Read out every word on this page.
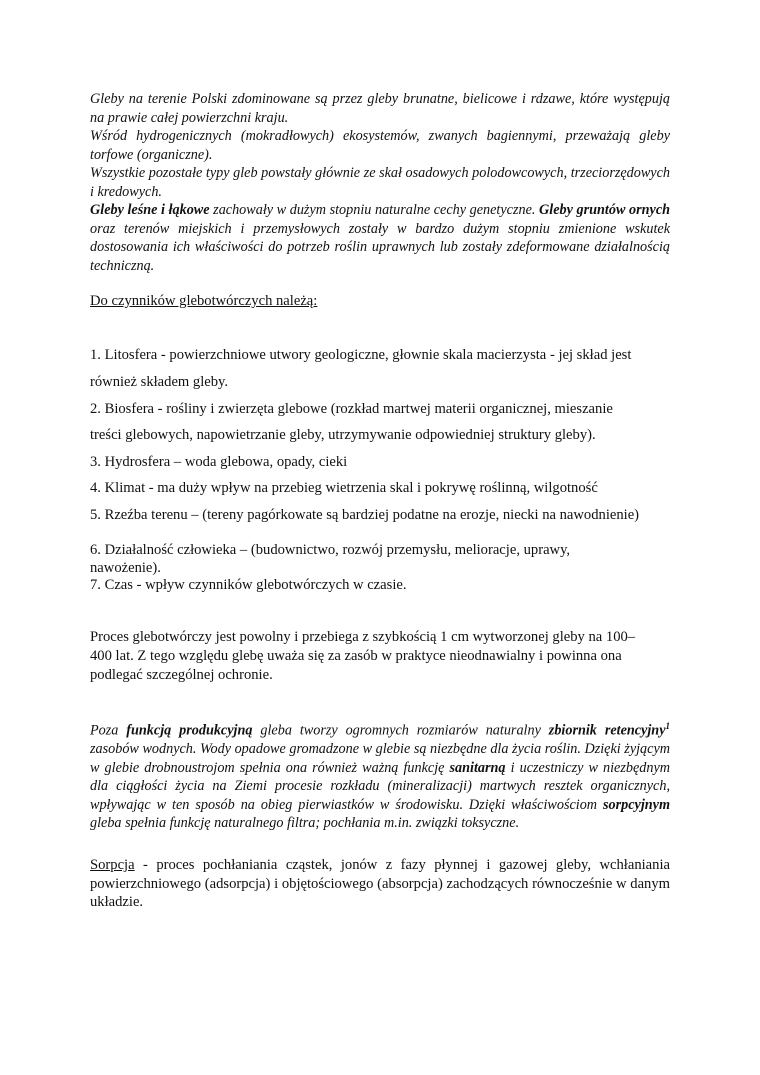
Gleby na terenie Polski zdominowane są przez gleby brunatne, bielicowe i rdzawe, które występują na prawie całej powierzchni kraju.

Wśród hydrogenicznych (mokradłowych) ekosystemów, zwanych bagiennymi, przeważają gleby torfowe (organiczne).

Wszystkie pozostałe typy gleb powstały głównie ze skał osadowych polodowcowych, trzeciorzędowych i kredowych.

Gleby leśne i łąkowe zachowały w dużym stopniu naturalne cechy genetyczne. Gleby gruntów ornych oraz terenów miejskich i przemysłowych zostały w bardzo dużym stopniu zmienione wskutek dostosowania ich właściwości do potrzeb roślin uprawnych lub zostały zdeformowane działalnością techniczną.

Do czynników glebotwórczych należą:
1. Litosfera - powierzchniowe utwory geologiczne, głownie skala macierzysta - jej skład jest
również składem gleby.
2. Biosfera - rośliny i zwierzęta glebowe (rozkład martwej materii organicznej, mieszanie
treści glebowych, napowietrzanie gleby, utrzymywanie odpowiedniej struktury gleby).
3. Hydrosfera – woda glebowa, opady, cieki
4. Klimat - ma duży wpływ na przebieg wietrzenia skal i pokrywę roślinną, wilgotność
5. Rzeźba terenu – (tereny pagórkowate są bardziej podatne na erozje, niecki na nawodnienie)
6. Działalność człowieka – (budownictwo, rozwój przemysłu, melioracje, uprawy,
nawożenie).
7. Czas - wpływ czynników glebotwórczych w czasie.
Proces glebotwórczy jest powolny i przebiega z szybkością 1 cm wytworzonej gleby na 100–
400 lat. Z tego względu glebę uważa się za zasób w praktyce nieodnawialny i powinna ona
podlegać szczególnej ochronie.

Poza funkcją produkcyjną gleba tworzy ogromnych rozmiarów naturalny zbiornik retencyjny$^1$ zasobów wodnych. Wody opadowe gromadzone w glebie są niezbędne dla życia roślin. Dzięki żyjącym w glebie drobnoustrojom spełnia ona również ważną funkcję sanitarną i uczestniczy w niezbędnym dla ciągłości życia na Ziemi procesie rozkładu (mineralizacji) martwych resztek organicznych, wpływając w ten sposób na obieg pierwiastków w środowisku. Dzięki właściwościom sorpcyjnym gleba spełnia funkcję naturalnego filtra; pochłania m.in. związki toksyczne.

Sorpcja - proces pochłaniania cząstek, jonów z fazy płynnej i gazowej gleby, wchłaniania powierzchniowego (adsorpcja) i objętościowego (absorpcja) zachodzących równocześnie w danym układzie.
